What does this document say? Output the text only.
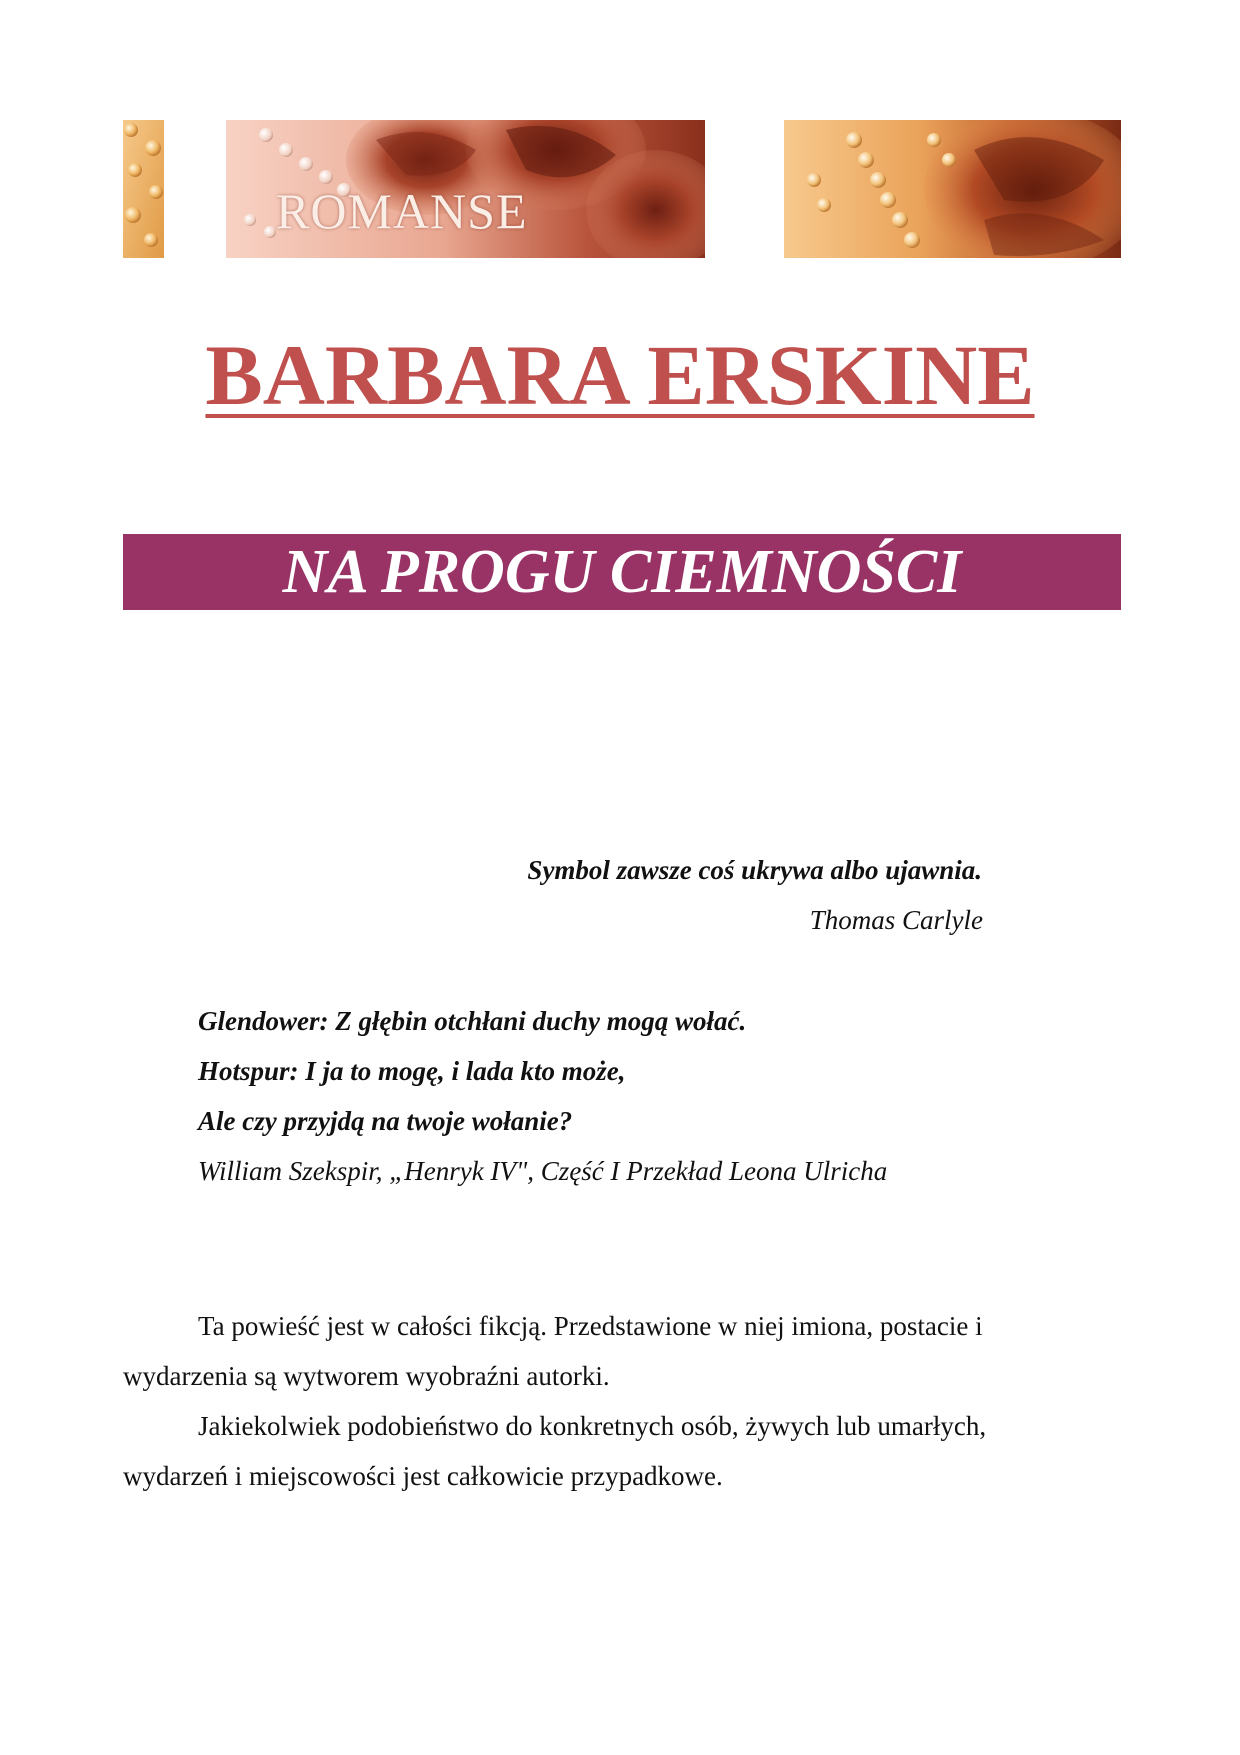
ROMANSE
BARBARA ERSKINE
NA PROGU CIEMNOŚCI

Symbol zawsze coś ukrywa albo ujawnia.

Thomas Carlyle

Glendower: Z głębin otchłani duchy mogą wołać.

Hotspur: I ja to mogę, i lada kto może,

Ale czy przyjdą na twoje wołanie?

William Szekspir, „Henryk IV", Część I Przekład Leona Ulricha

Ta powieść jest w całości fikcją. Przedstawione w niej imiona, postacie i wydarzenia są wytworem wyobraźni autorki.

Jakiekolwiek podobieństwo do konkretnych osób, żywych lub umarłych, wydarzeń i miejscowości jest całkowicie przypadkowe.
